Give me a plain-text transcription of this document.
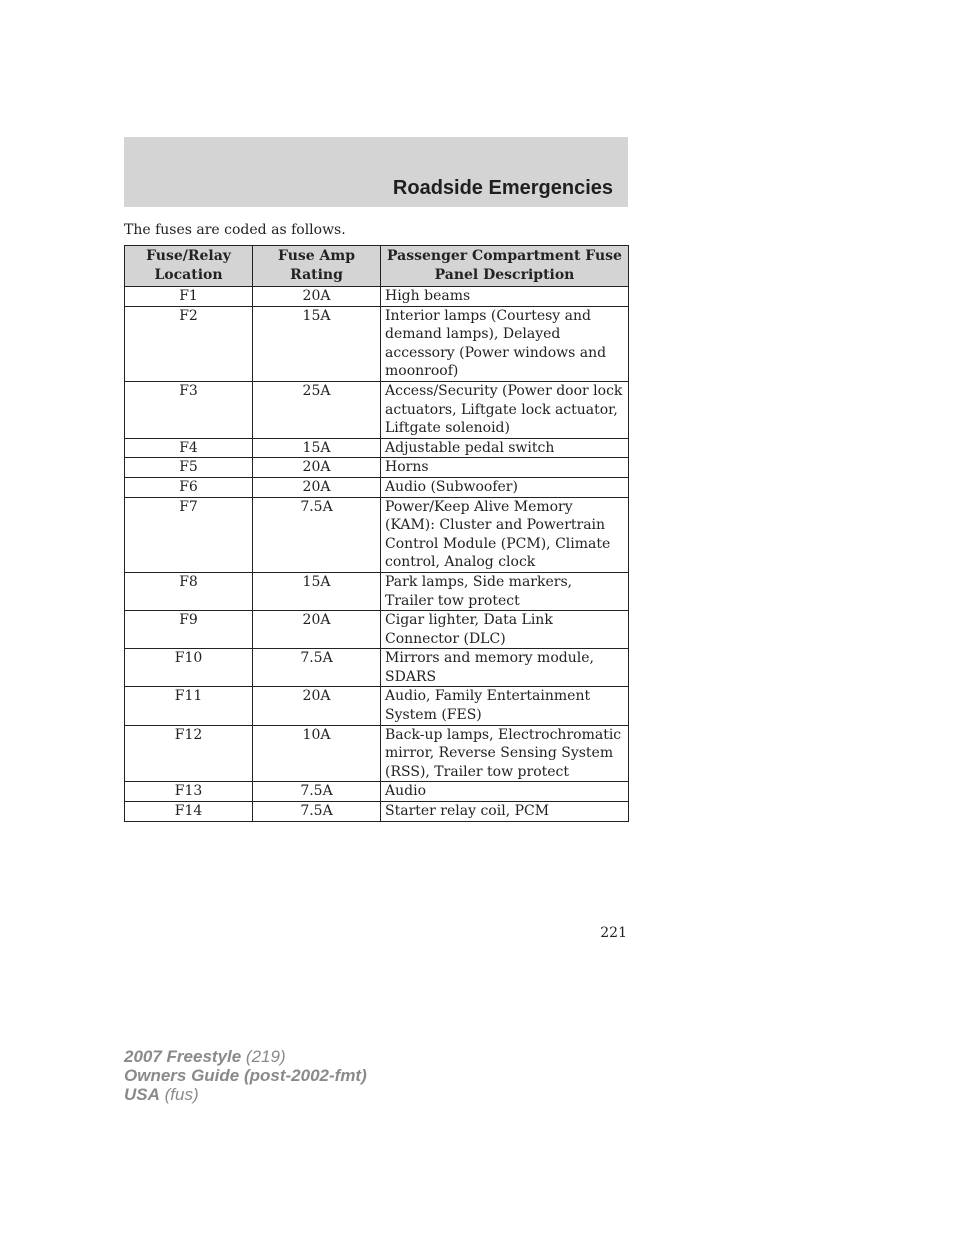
Roadside Emergencies

The fuses are coded as follows.

Fuse/Relay Location	Fuse Amp Rating	Passenger Compartment Fuse Panel Description
F1	20A	High beams
F2	15A	Interior lamps (Courtesy and demand lamps), Delayed accessory (Power windows and moonroof)
F3	25A	Access/Security (Power door lock actuators, Liftgate lock actuator, Liftgate solenoid)
F4	15A	Adjustable pedal switch
F5	20A	Horns
F6	20A	Audio (Subwoofer)
F7	7.5A	Power/Keep Alive Memory (KAM): Cluster and Powertrain Control Module (PCM), Climate control, Analog clock
F8	15A	Park lamps, Side markers, Trailer tow protect
F9	20A	Cigar lighter, Data Link Connector (DLC)
F10	7.5A	Mirrors and memory module, SDARS
F11	20A	Audio, Family Entertainment System (FES)
F12	10A	Back-up lamps, Electrochromatic mirror, Reverse Sensing System (RSS), Trailer tow protect
F13	7.5A	Audio
F14	7.5A	Starter relay coil, PCM

221

2007 Freestyle (219)
Owners Guide (post-2002-fmt)
USA (fus)
